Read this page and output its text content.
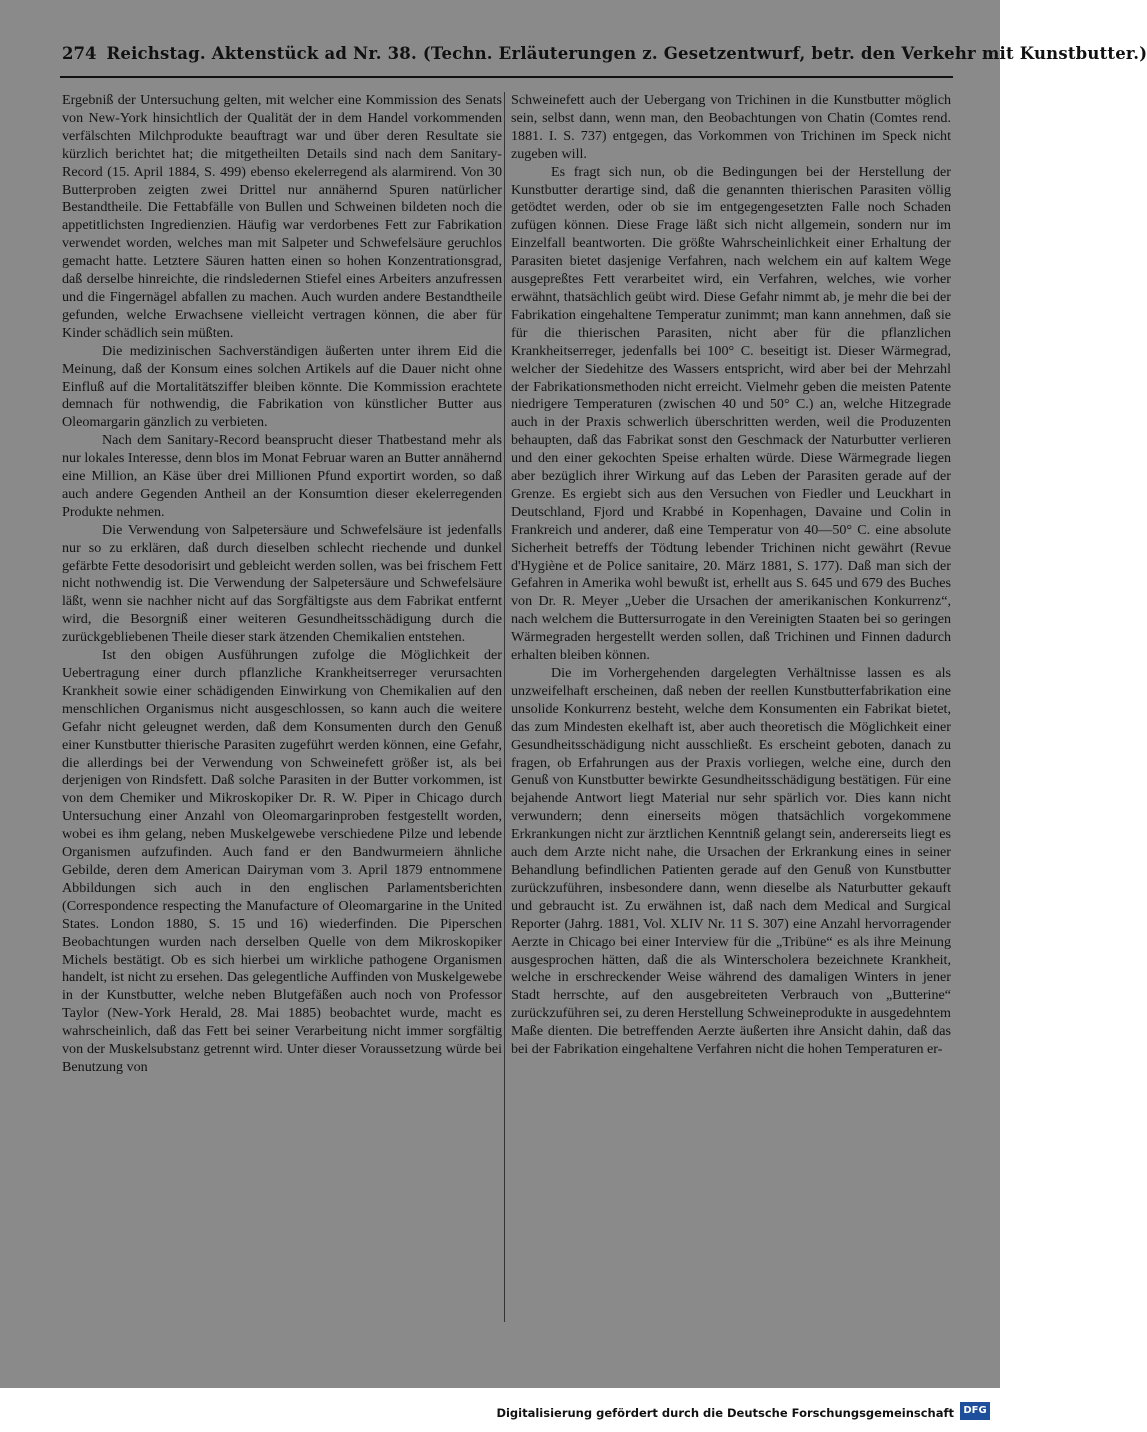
274 Reichstag. Aktenstück ad Nr. 38. (Techn. Erläuterungen z. Gesetzentwurf, betr. den Verkehr mit Kunstbutter.)

Ergebniß der Untersuchung gelten, mit welcher eine Kommission des Senats von New-York hinsichtlich der Qualität der in dem Handel vorkommenden verfälschten Milchprodukte beauftragt war und über deren Resultate sie kürzlich berichtet hat; die mitgetheilten Details sind nach dem Sanitary-Record (15. April 1884, S. 499) ebenso ekelerregend als alarmirend. Von 30 Butterproben zeigten zwei Drittel nur annähernd Spuren natürlicher Bestandtheile. Die Fettabfälle von Bullen und Schweinen bildeten noch die appetitlichsten Ingredienzien. Häufig war verdorbenes Fett zur Fabrikation verwendet worden, welches man mit Salpeter und Schwefelsäure geruchlos gemacht hatte. Letztere Säuren hatten einen so hohen Konzentrationsgrad, daß derselbe hinreichte, die rindsledernen Stiefel eines Arbeiters anzufressen und die Fingernägel abfallen zu machen. Auch wurden andere Bestandtheile gefunden, welche Erwachsene vielleicht vertragen können, die aber für Kinder schädlich sein müßten.

Die medizinischen Sachverständigen äußerten unter ihrem Eid die Meinung, daß der Konsum eines solchen Artikels auf die Dauer nicht ohne Einfluß auf die Mortalitätsziffer bleiben könnte. Die Kommission erachtete demnach für nothwendig, die Fabrikation von künstlicher Butter aus Oleomargarin gänzlich zu verbieten.

Nach dem Sanitary-Record beansprucht dieser Thatbestand mehr als nur lokales Interesse, denn blos im Monat Februar waren an Butter annähernd eine Million, an Käse über drei Millionen Pfund exportirt worden, so daß auch andere Gegenden Antheil an der Konsumtion dieser ekelerregenden Produkte nehmen.

Die Verwendung von Salpetersäure und Schwefelsäure ist jedenfalls nur so zu erklären, daß durch dieselben schlecht riechende und dunkel gefärbte Fette desodorisirt und gebleicht werden sollen, was bei frischem Fett nicht nothwendig ist. Die Verwendung der Salpetersäure und Schwefelsäure läßt, wenn sie nachher nicht auf das Sorgfältigste aus dem Fabrikat entfernt wird, die Besorgniß einer weiteren Gesundheitsschädigung durch die zurückgebliebenen Theile dieser stark ätzenden Chemikalien entstehen.

Ist den obigen Ausführungen zufolge die Möglichkeit der Uebertragung einer durch pflanzliche Krankheitserreger verursachten Krankheit sowie einer schädigenden Einwirkung von Chemikalien auf den menschlichen Organismus nicht ausgeschlossen, so kann auch die weitere Gefahr nicht geleugnet werden, daß dem Konsumenten durch den Genuß einer Kunstbutter thierische Parasiten zugeführt werden können, eine Gefahr, die allerdings bei der Verwendung von Schweinefett größer ist, als bei derjenigen von Rindsfett. Daß solche Parasiten in der Butter vorkommen, ist von dem Chemiker und Mikroskopiker Dr. R. W. Piper in Chicago durch Untersuchung einer Anzahl von Oleomargarinproben festgestellt worden, wobei es ihm gelang, neben Muskelgewebe verschiedene Pilze und lebende Organismen aufzufinden. Auch fand er den Bandwurmeiern ähnliche Gebilde, deren dem American Dairyman vom 3. April 1879 entnommene Abbildungen sich auch in den englischen Parlamentsberichten (Correspondence respecting the Manufacture of Oleomargarine in the United States. London 1880, S. 15 und 16) wiederfinden. Die Piperschen Beobachtungen wurden nach derselben Quelle von dem Mikroskopiker Michels bestätigt. Ob es sich hierbei um wirkliche pathogene Organismen handelt, ist nicht zu ersehen. Das gelegentliche Auffinden von Muskelgewebe in der Kunstbutter, welche neben Blutgefäßen auch noch von Professor Taylor (New-York Herald, 28. Mai 1885) beobachtet wurde, macht es wahrscheinlich, daß das Fett bei seiner Verarbeitung nicht immer sorgfältig von der Muskelsubstanz getrennt wird. Unter dieser Voraussetzung würde bei Benutzung von

Schweinefett auch der Uebergang von Trichinen in die Kunstbutter möglich sein, selbst dann, wenn man, den Beobachtungen von Chatin (Comtes rend. 1881. I. S. 737) entgegen, das Vorkommen von Trichinen im Speck nicht zugeben will.

Es fragt sich nun, ob die Bedingungen bei der Herstellung der Kunstbutter derartige sind, daß die genannten thierischen Parasiten völlig getödtet werden, oder ob sie im entgegengesetzten Falle noch Schaden zufügen können. Diese Frage läßt sich nicht allgemein, sondern nur im Einzelfall beantworten. Die größte Wahrscheinlichkeit einer Erhaltung der Parasiten bietet dasjenige Verfahren, nach welchem ein auf kaltem Wege ausgepreßtes Fett verarbeitet wird, ein Verfahren, welches, wie vorher erwähnt, thatsächlich geübt wird. Diese Gefahr nimmt ab, je mehr die bei der Fabrikation eingehaltene Temperatur zunimmt; man kann annehmen, daß sie für die thierischen Parasiten, nicht aber für die pflanzlichen Krankheitserreger, jedenfalls bei 100° C. beseitigt ist. Dieser Wärmegrad, welcher der Siedehitze des Wassers entspricht, wird aber bei der Mehrzahl der Fabrikationsmethoden nicht erreicht. Vielmehr geben die meisten Patente niedrigere Temperaturen (zwischen 40 und 50° C.) an, welche Hitzegrade auch in der Praxis schwerlich überschritten werden, weil die Produzenten behaupten, daß das Fabrikat sonst den Geschmack der Naturbutter verlieren und den einer gekochten Speise erhalten würde. Diese Wärmegrade liegen aber bezüglich ihrer Wirkung auf das Leben der Parasiten gerade auf der Grenze. Es ergiebt sich aus den Versuchen von Fiedler und Leuckhart in Deutschland, Fjord und Krabbé in Kopenhagen, Davaine und Colin in Frankreich und anderer, daß eine Temperatur von 40—50° C. eine absolute Sicherheit betreffs der Tödtung lebender Trichinen nicht gewährt (Revue d'Hygiène et de Police sanitaire, 20. März 1881, S. 177). Daß man sich der Gefahren in Amerika wohl bewußt ist, erhellt aus S. 645 und 679 des Buches von Dr. R. Meyer „Ueber die Ursachen der amerikanischen Konkurrenz“, nach welchem die Buttersurrogate in den Vereinigten Staaten bei so geringen Wärmegraden hergestellt werden sollen, daß Trichinen und Finnen dadurch erhalten bleiben können.

Die im Vorhergehenden dargelegten Verhältnisse lassen es als unzweifelhaft erscheinen, daß neben der reellen Kunstbutterfabrikation eine unsolide Konkurrenz besteht, welche dem Konsumenten ein Fabrikat bietet, das zum Mindesten ekelhaft ist, aber auch theoretisch die Möglichkeit einer Gesundheitsschädigung nicht ausschließt. Es erscheint geboten, danach zu fragen, ob Erfahrungen aus der Praxis vorliegen, welche eine, durch den Genuß von Kunstbutter bewirkte Gesundheitsschädigung bestätigen. Für eine bejahende Antwort liegt Material nur sehr spärlich vor. Dies kann nicht verwundern; denn einerseits mögen thatsächlich vorgekommene Erkrankungen nicht zur ärztlichen Kenntniß gelangt sein, andererseits liegt es auch dem Arzte nicht nahe, die Ursachen der Erkrankung eines in seiner Behandlung befindlichen Patienten gerade auf den Genuß von Kunstbutter zurückzuführen, insbesondere dann, wenn dieselbe als Naturbutter gekauft und gebraucht ist. Zu erwähnen ist, daß nach dem Medical and Surgical Reporter (Jahrg. 1881, Vol. XLIV Nr. 11 S. 307) eine Anzahl hervorragender Aerzte in Chicago bei einer Interview für die „Tribüne“ es als ihre Meinung ausgesprochen hätten, daß die als Winterscholera bezeichnete Krankheit, welche in erschreckender Weise während des damaligen Winters in jener Stadt herrschte, auf den ausgebreiteten Verbrauch von „Butterine“ zurückzuführen sei, zu deren Herstellung Schweineprodukte in ausgedehntem Maße dienten. Die betreffenden Aerzte äußerten ihre Ansicht dahin, daß das bei der Fabrikation eingehaltene Verfahren nicht die hohen Temperaturen er-

Digitalisierung gefördert durch die Deutsche Forschungsgemeinschaft DFG
